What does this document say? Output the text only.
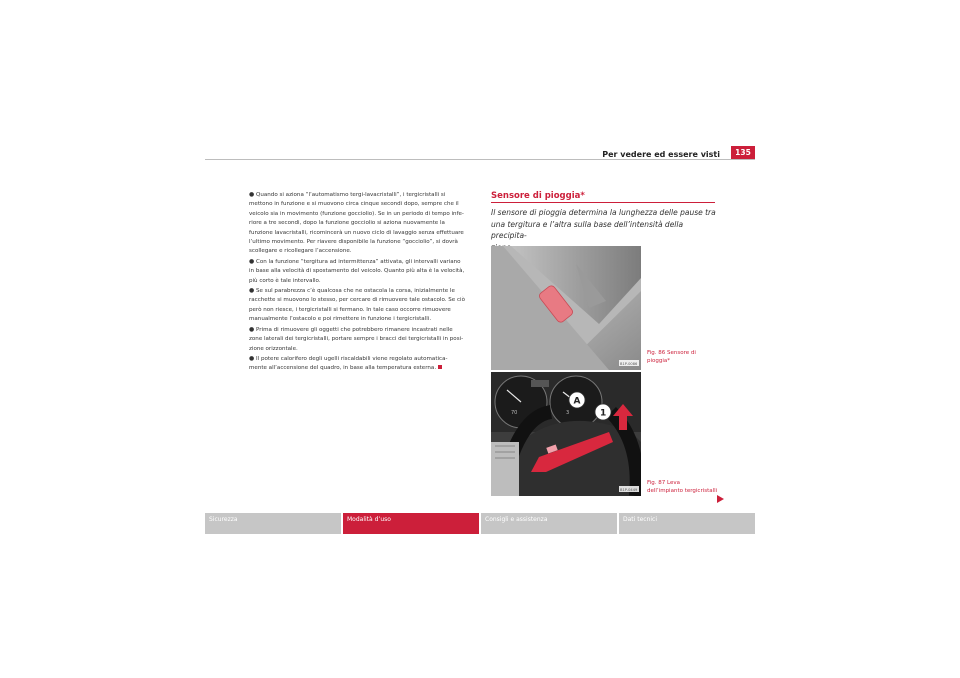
Per vedere ed essere visti	135

● Quando si aziona “l’automatismo tergi-lavacristalli”, i tergicristalli si
mettono in funzione e si muovono circa cinque secondi dopo, sempre che il
veicolo sia in movimento (funzione gocciolio). Se in un periodo di tempo infe-
riore a tre secondi, dopo la funzione gocciolio si aziona nuovamente la
funzione lavacristalli, ricomincerà un nuovo ciclo di lavaggio senza effettuare
l’ultimo movimento. Per riavere disponibile la funzione “gocciolio”, si dovrà
scollegare e ricollegare l’accensione.

● Con la funzione “tergitura ad intermittenza” attivata, gli intervalli variano
in base alla velocità di spostamento del veicolo. Quanto più alta è la velocità,
più corto è tale intervallo.

● Se sul parabrezza c’è qualcosa che ne ostacola la corsa, inizialmente le
racchette si muovono lo stesso, per cercare di rimuovere tale ostacolo. Se ciò
però non riesce, i tergicristalli si fermano. In tale caso occorre rimuovere
manualmente l’ostacolo e poi rimettere in funzione i tergicristalli.

● Prima di rimuovere gli oggetti che potrebbero rimanere incastrati nelle
zone laterali dei tergicristalli, portare sempre i bracci dei tergicristalli in posi-
zione orizzontale.

● Il potere calorifero degli ugelli riscaldabili viene regolato automatica-
mente all’accensione del quadro, in base alla temperatura esterna.

Sensore di pioggia*
Il sensore di pioggia determina la lunghezza delle pause tra
una tergitura e l’altra sulla base dell’intensità della precipita-

B1P-0086
Fig. 86 Sensore di
pioggia*
70	3
A
1
B1P-0449
Fig. 87 Leva
dell’impianto tergicristalli
Sicurezza	Modalità d’uso	Consigli e assistenza	Dati tecnici
